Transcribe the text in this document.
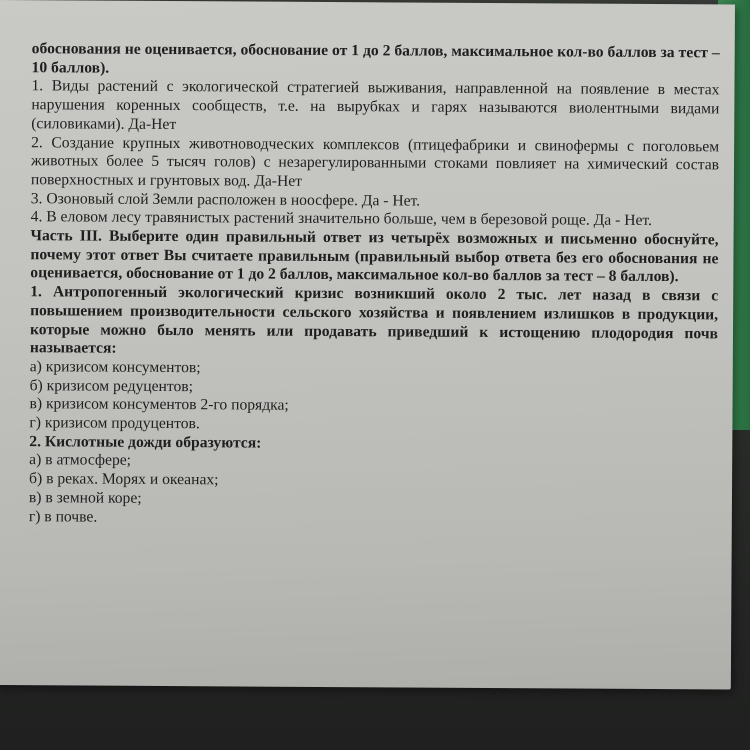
обоснования не оценивается, обоснование от 1 до 2 баллов, максимальное кол-во баллов за тест – 10 баллов).

1. Виды растений с экологической стратегией выживания, направленной на появление в местах нарушения коренных сообществ, т.е. на вырубках и гарях называются виолентными видами (силовиками). Да-Нет

2. Создание крупных животноводческих комплексов (птицефабрики и свинофермы с поголовьем животных более 5 тысяч голов) с незарегулированными стоками повлияет на химический состав поверхностных и грунтовых вод. Да-Нет

3. Озоновый слой Земли расположен в ноосфере. Да - Нет.

4. В еловом лесу травянистых растений значительно больше, чем в березовой роще. Да - Нет.

Часть III. Выберите один правильный ответ из четырёх возможных и письменно обоснуйте, почему этот ответ Вы считаете правильным (правильный выбор ответа без его обоснования не оценивается, обоснование от 1 до 2 баллов, максимальное кол-во баллов за тест – 8 баллов).

1. Антропогенный экологический кризис возникший около 2 тыс. лет назад в связи с повышением производительности сельского хозяйства и появлением излишков в продукции, которые можно было менять или продавать приведший к истощению плодородия почв называется:

а) кризисом консументов;

б) кризисом редуцентов;

в) кризисом консументов 2-го порядка;

г) кризисом продуцентов.

2. Кислотные дожди образуются:

а) в атмосфере;

б) в реках. Морях и океанах;

в) в земной коре;

г) в почве.
